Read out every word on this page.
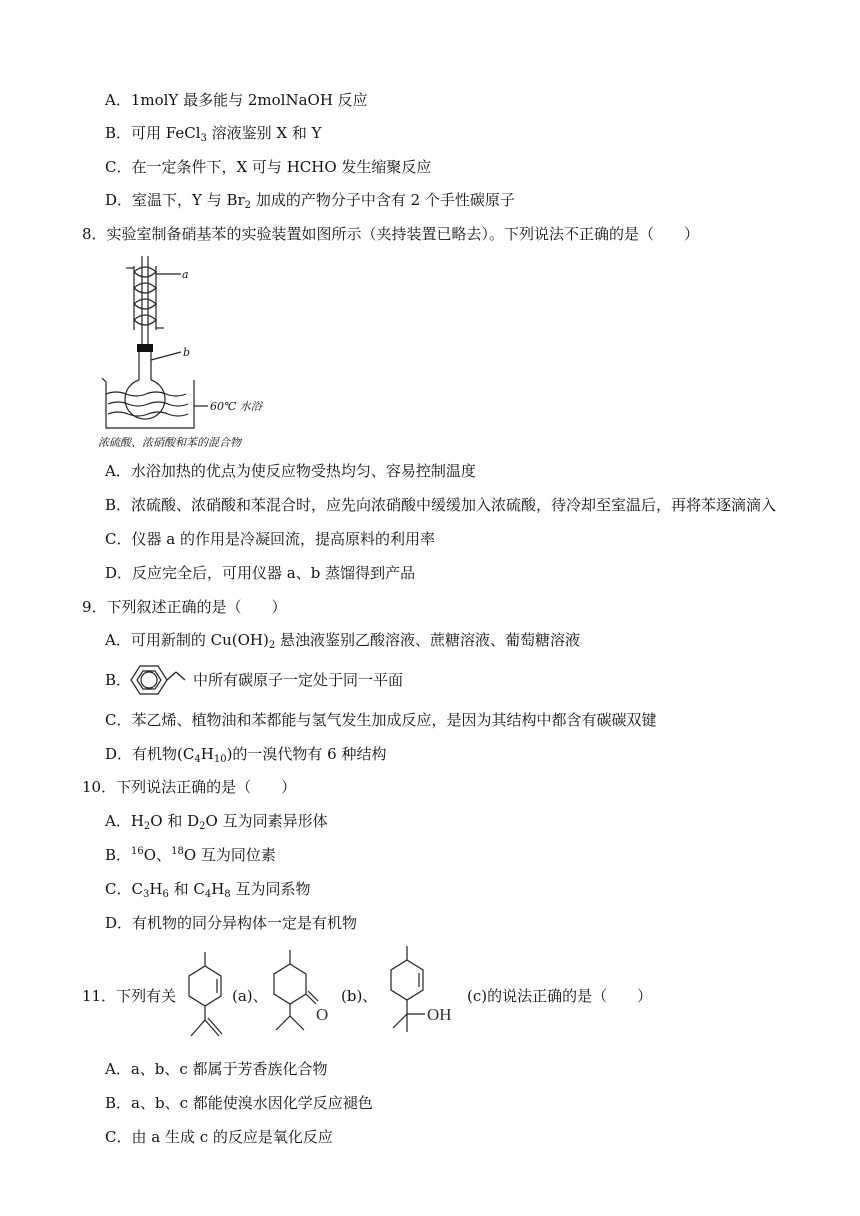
A．1molY 最多能与 2molNaOH 反应
B．可用 FeCl$_3$ 溶液鉴别 X 和 Y
C．在一定条件下，X 可与 HCHO 发生缩聚反应
D．室温下，Y 与 $Br_2$ 加成的产物分子中含有 2 个手性碳原子
8．实验室制备硝基苯的实验装置如图所示（夹持装置已略去）。下列说法不正确的是（　　）
a
b
60℃ 水浴
浓硫酸、浓硝酸和苯的混合物
A．水浴加热的优点为使反应物受热均匀、容易控制温度
B．浓硫酸、浓硝酸和苯混合时，应先向浓硝酸中缓缓加入浓硫酸，待冷却至室温后，再将苯逐滴滴入
C．仪器 a 的作用是冷凝回流，提高原料的利用率
D．反应完全后，可用仪器 a、b 蒸馏得到产品
9．下列叙述正确的是（　　）
A．可用新制的 $Cu(OH)_2$ 悬浊液鉴别乙酸溶液、蔗糖溶液、葡萄糖溶液
B．	中所有碳原子一定处于同一平面
C．苯乙烯、植物油和苯都能与氢气发生加成反应，是因为其结构中都含有碳碳双键
D．有机物$(C_4H_{10})$的一溴代物有 6 种结构
10．下列说法正确的是（　　）
A．$H_2O$ 和 $D_2O$ 互为同素异形体
B．$^{16}$O、$^{18}$O 互为同位素
C．$C_3H_6$ 和 $C_4H_8$ 互为同系物
D．有机物的同分异构体一定是有机物
11．下列有关	(a)、	(b)、	(c)的说法正确的是（　　）
O	OH
A．a、b、c 都属于芳香族化合物
B．a、b、c 都能使溴水因化学反应褪色
C．由 a 生成 c 的反应是氧化反应
